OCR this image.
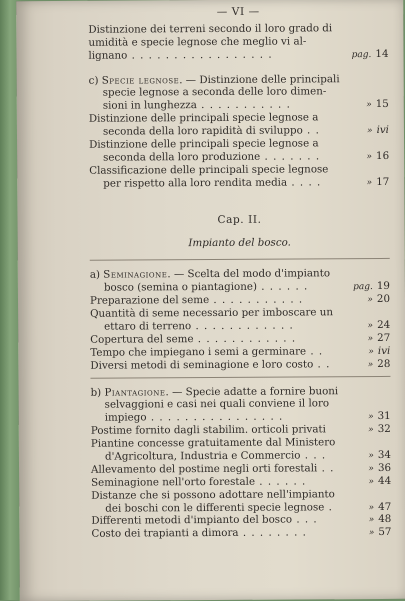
— VI —
Distinzione dei terreni secondo il loro grado di
umidità e specie legnose che meglio vi al-
lignano . . . . . . . . . . . . . . . . .	pag. 14
c) Specie legnose. — Distinzione delle principali
specie legnose a seconda delle loro dimen-
sioni in lunghezza . . . . . . . . . . .	» 15
Distinzione delle principali specie legnose a
seconda della loro rapidità di sviluppo . .	» ivi
Distinzione delle principali specie legnose a
seconda della loro produzione . . . . . . .	» 16
Classificazione delle principali specie legnose
per rispetto alla loro rendita media . . . .	» 17
Cap. II.
Impianto del bosco.
a) Seminagione. — Scelta del modo d'impianto
bosco (semina o piantagione) . . . . . .	pag. 19
Preparazione del seme . . . . . . . . . . .	» 20
Quantità di seme necessario per imboscare un
ettaro di terreno . . . . . . . . . . . .	» 24
Copertura del seme . . . . . . . . . . . .	» 27
Tempo che impiegano i semi a germinare . .	» ivi
Diversi metodi di seminagione e loro costo . .	» 28
b) Piantagione. — Specie adatte a fornire buoni
selvaggioni e casi nei quali conviene il loro
impiego . . . . . . . . . . . . . . . .	» 31
Postime fornito dagli stabilim. orticoli privati	» 32
Piantine concesse gratuitamente dal Ministero
d'Agricoltura, Industria e Commercio . . .	» 34
Allevamento del postime negli orti forestali . .	» 36
Seminagione nell'orto forestale . . . . . .	» 44
Distanze che si possono adottare nell'impianto
dei boschi con le differenti specie legnose .	» 47
Differenti metodi d'impianto del bosco . . .	» 48
Costo dei trapianti a dimora . . . . . . . .	» 57
